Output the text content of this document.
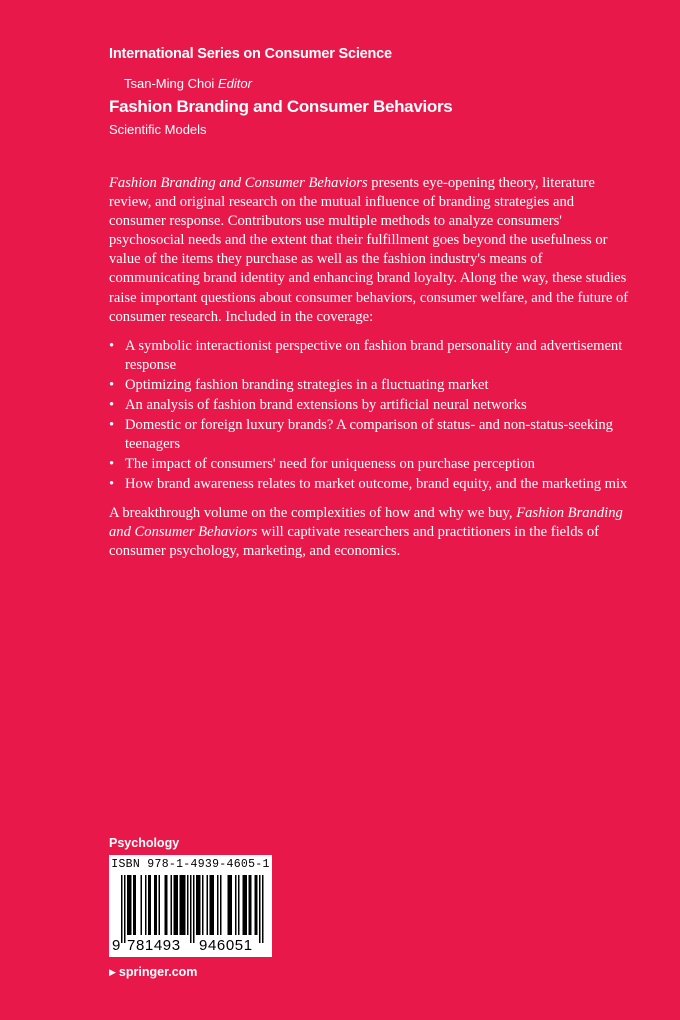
International Series on Consumer Science
Tsan-Ming Choi Editor
Fashion Branding and Consumer Behaviors
Scientific Models

Fashion Branding and Consumer Behaviors presents eye-opening theory, literature review, and original research on the mutual influence of branding strategies and consumer response. Contributors use multiple methods to analyze consumers' psychosocial needs and the extent that their fulfillment goes beyond the usefulness or value of the items they purchase as well as the fashion industry's means of communicating brand identity and enhancing brand loyalty. Along the way, these studies raise important questions about consumer behaviors, consumer welfare, and the future of consumer research. Included in the coverage:

• A symbolic interactionist perspective on fashion brand personality and advertisement response
• Optimizing fashion branding strategies in a fluctuating market
• An analysis of fashion brand extensions by artificial neural networks
• Domestic or foreign luxury brands? A comparison of status- and non-status-seeking teenagers
• The impact of consumers' need for uniqueness on purchase perception
• How brand awareness relates to market outcome, brand equity, and the marketing mix

A breakthrough volume on the complexities of how and why we buy, Fashion Branding and Consumer Behaviors will captivate researchers and practitioners in the fields of consumer psychology, marketing, and economics.

Psychology
ISBN 978-1-4939-4605-1
9 781493 946051
▶ springer.com
